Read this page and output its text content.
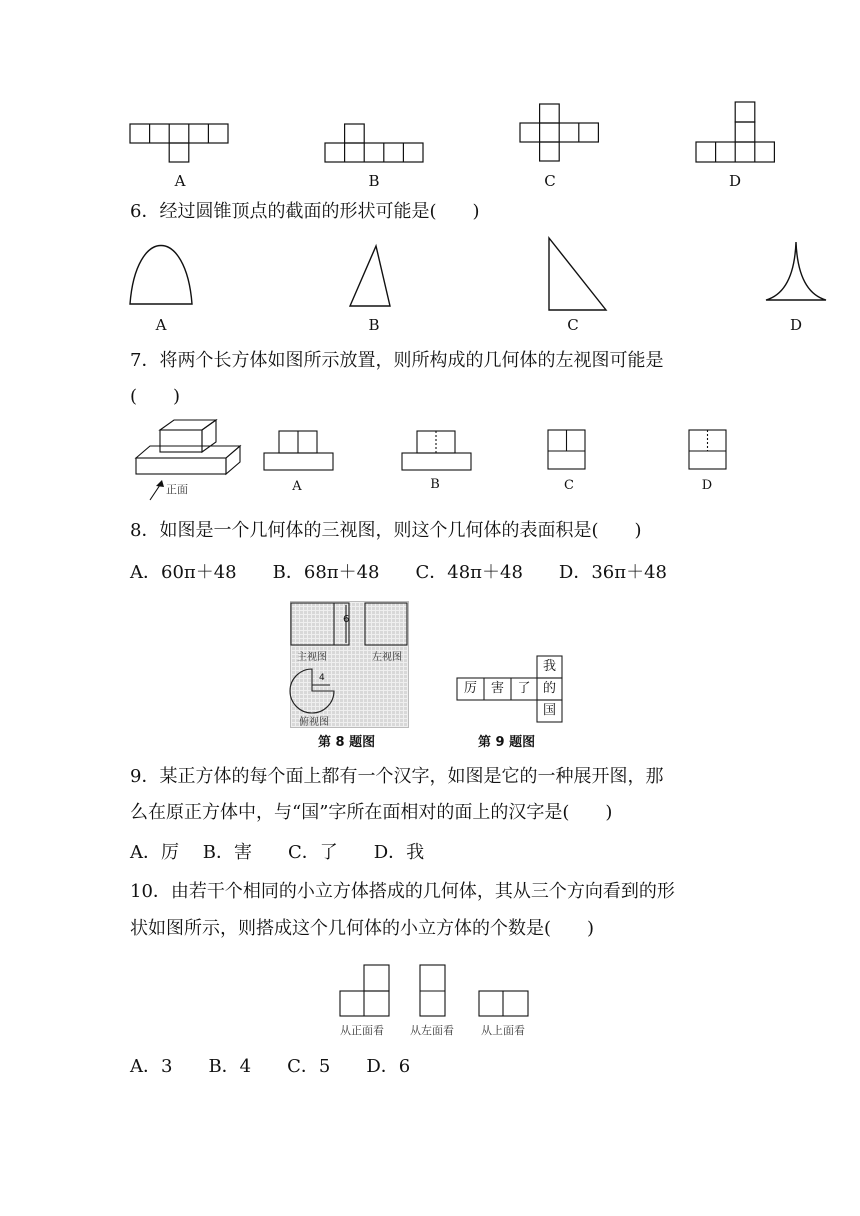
A	B	C	D
6．经过圆锥顶点的截面的形状可能是(　　)
A	B	C	D
7．将两个长方体如图所示放置，则所构成的几何体的左视图可能是
(　　)
正面	A	B	C	D
8．如图是一个几何体的三视图，则这个几何体的表面积是(　　)
A．60π＋48　　B．68π＋48　　C．48π＋48　　D．36π＋48
6
4
主视图	左视图
俯视图
第 8 题图
厉	害	了
我
的
国
第 9 题图
9．某正方体的每个面上都有一个汉字，如图是它的一种展开图，那
么在原正方体中，与“国”字所在面相对的面上的汉字是(　　)
A．厉　 B．害　　C．了　　D．我
10．由若干个相同的小立方体搭成的几何体，其从三个方向看到的形
状如图所示，则搭成这个几何体的小立方体的个数是(　　)
从正面看 从左面看 从上面看
A．3　　B．4　　C．5　　D．6
